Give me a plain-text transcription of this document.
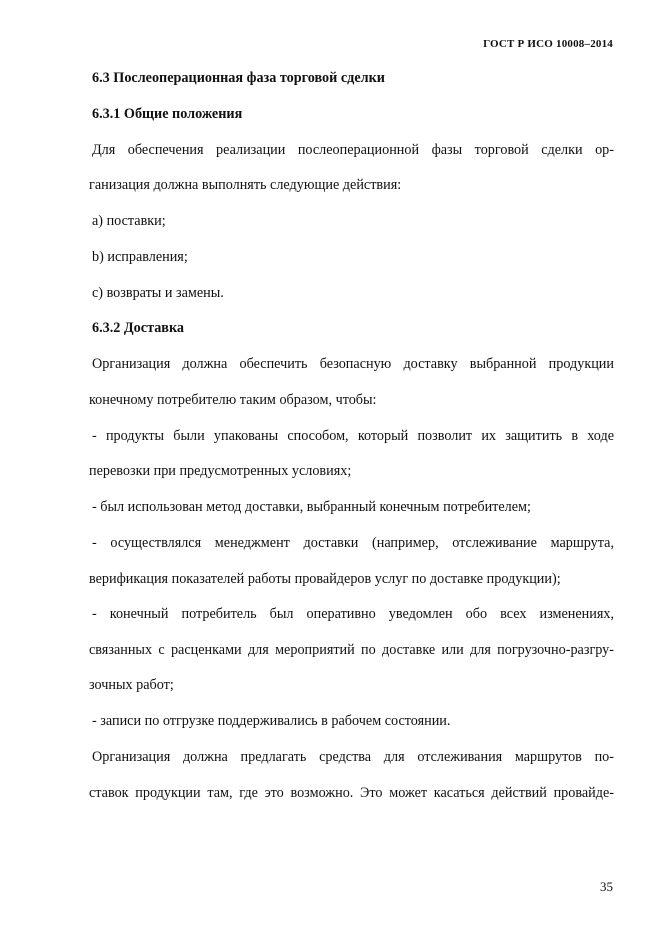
ГОСТ Р ИСО 10008–2014
6.3 Послеоперационная фаза торговой сделки
6.3.1 Общие положения
Для обеспечения реализации послеоперационной фазы торговой сделки ор-
ганизация должна выполнять следующие действия:
а) поставки;
b) исправления;
с) возвраты и замены.
6.3.2 Доставка
Организация должна обеспечить безопасную доставку выбранной продукции
конечному потребителю таким образом, чтобы:
- продукты были упакованы способом, который позволит их защитить в ходе
перевозки при предусмотренных условиях;
- был использован метод доставки, выбранный конечным потребителем;
- осуществлялся менеджмент доставки (например, отслеживание маршрута,
верификация показателей работы провайдеров услуг по доставке продукции);
- конечный потребитель был оперативно уведомлен обо всех изменениях,
связанных с расценками для мероприятий по доставке или для погрузочно-разгру-
зочных работ;
- записи по отгрузке поддерживались в рабочем состоянии.
Организация должна предлагать средства для отслеживания маршрутов по-
ставок продукции там, где это возможно. Это может касаться действий провайде-
35
